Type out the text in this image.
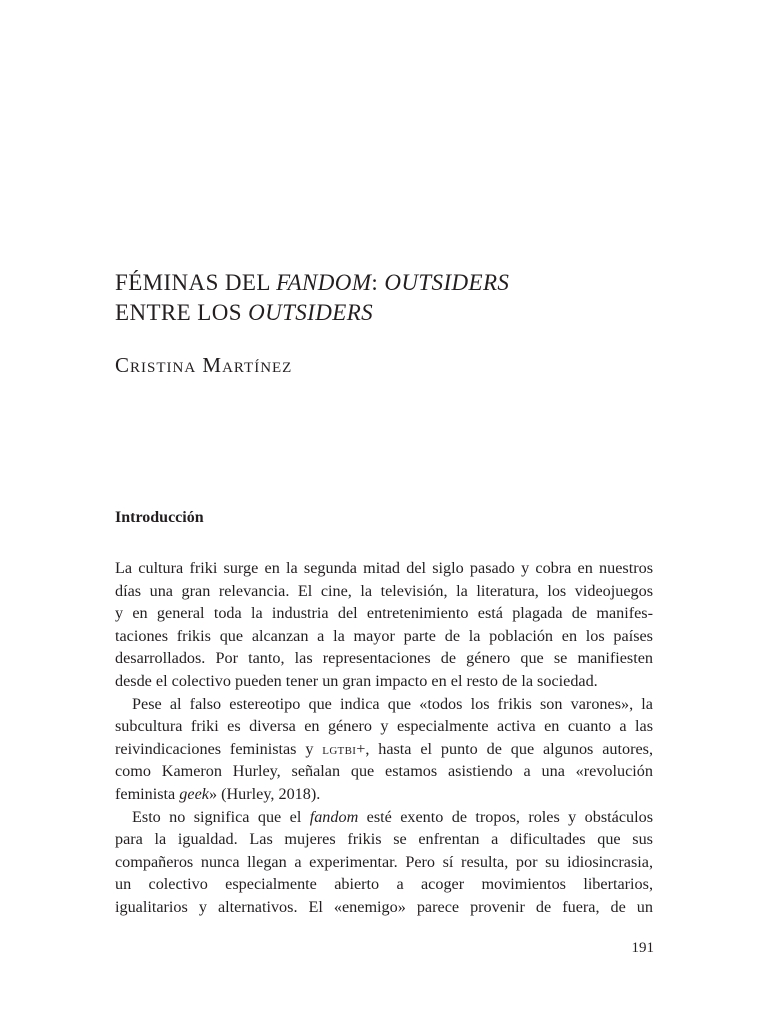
FÉMINAS DEL FANDOM: OUTSIDERS
ENTRE LOS OUTSIDERS

Cristina Martínez

Introducción
La cultura friki surge en la segunda mitad del siglo pasado y cobra en nuestros
días una gran relevancia. El cine, la televisión, la literatura, los videojuegos
y en general toda la industria del entretenimiento está plagada de manifes-
taciones frikis que alcanzan a la mayor parte de la población en los países
desarrollados. Por tanto, las representaciones de género que se manifiesten
desde el colectivo pueden tener un gran impacto en el resto de la sociedad.
Pese al falso estereotipo que indica que «todos los frikis son varones», la
subcultura friki es diversa en género y especialmente activa en cuanto a las
reivindicaciones feministas y lgtbi+, hasta el punto de que algunos autores,
como Kameron Hurley, señalan que estamos asistiendo a una «revolución
feminista geek» (Hurley, 2018).
Esto no significa que el fandom esté exento de tropos, roles y obstáculos
para la igualdad. Las mujeres frikis se enfrentan a dificultades que sus
compañeros nunca llegan a experimentar. Pero sí resulta, por su idiosincrasia,
un colectivo especialmente abierto a acoger movimientos libertarios,
igualitarios y alternativos. El «enemigo» parece provenir de fuera, de un
191
